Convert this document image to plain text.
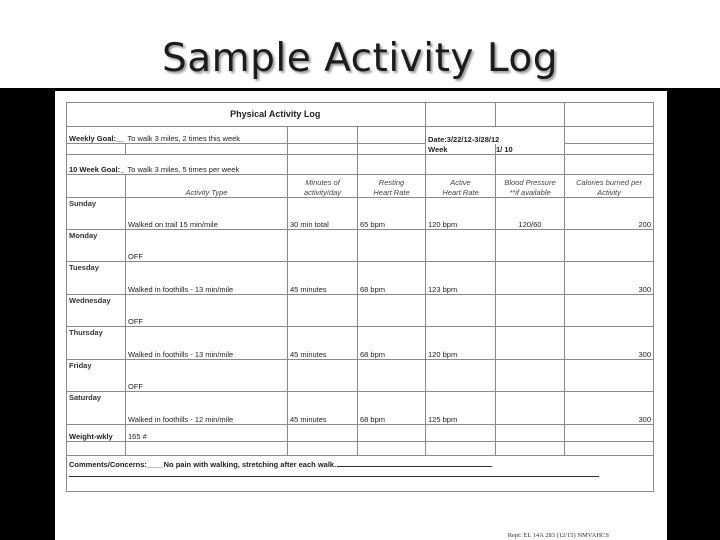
Sample Activity Log
	Physical Activity Log					
Weekly Goal:__	To walk 3 miles, 2 times this week			Date:3/22/12-3/28/12		
				Week	1/ 10	
10 Week Goal:_	To walk 3 miles, 5 times per week					
		Minutes of	Resting	Active	Blood Pressure	Calories burned per
	Activity Type	activity/day	Heart Rate	Heart Rate	**if available	Activity
Sunday	Walked on trail 15 min/mile	30 min total	65 bpm	120 bpm	120/60	200
Monday	OFF					
Tuesday	Walked in foothills - 13 min/mile	45 minutes	68 bpm	123 bpm		300
Wednesday	OFF					
Thursday	Walked in foothills - 13 min/mile	45 minutes	68 bpm	120 bpm		300
Friday	OFF					
Saturday	Walked in foothills - 12 min/mile	45 minutes	68 bpm	125 bpm		300
Weight-wkly	165 #					

Comments/Concerns:____No pain with walking, stretching after each walk.						
Rept: EL 14A 283 (12/15) NMVAHCS
